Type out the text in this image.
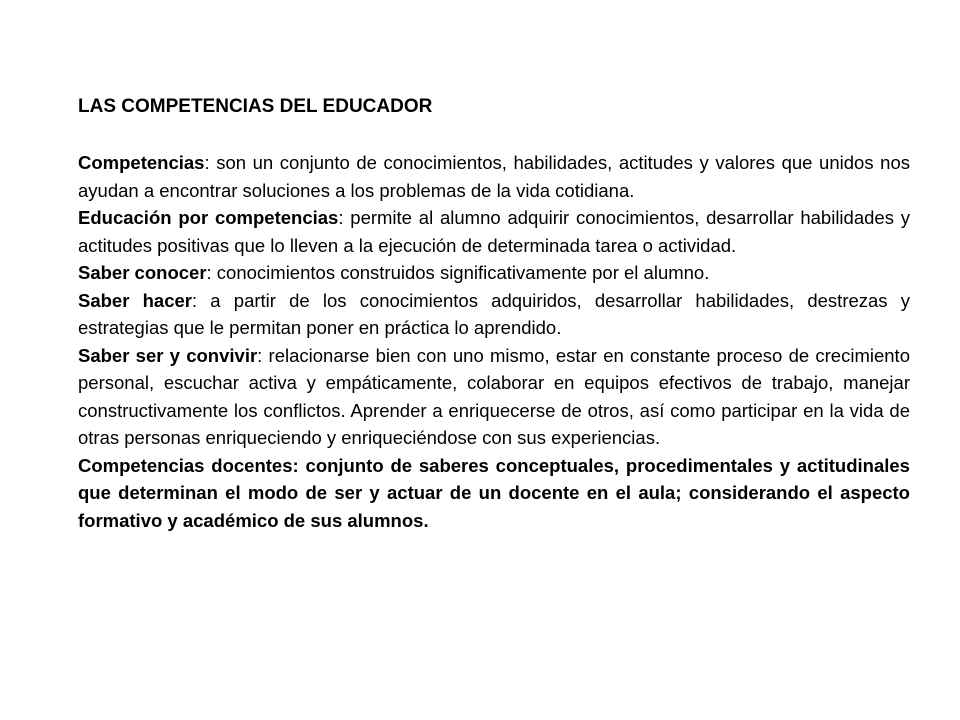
LAS COMPETENCIAS DEL EDUCADOR

Competencias: son un conjunto de conocimientos, habilidades, actitudes y valores que unidos nos ayudan a encontrar soluciones a los problemas de la vida cotidiana.

Educación por competencias: permite al alumno adquirir conocimientos, desarrollar habilidades y actitudes positivas que lo lleven a la ejecución de determinada tarea o actividad.

Saber conocer: conocimientos construidos significativamente por el alumno.

Saber hacer: a partir de los conocimientos adquiridos, desarrollar habilidades, destrezas y estrategias que le permitan poner en práctica lo aprendido.

Saber ser y convivir: relacionarse bien con uno mismo, estar en constante proceso de crecimiento personal, escuchar activa y empáticamente, colaborar en equipos efectivos de trabajo, manejar constructivamente los conflictos. Aprender a enriquecerse de otros, así como participar en la vida de otras personas enriqueciendo y enriqueciéndose con sus experiencias.

Competencias docentes: conjunto de saberes conceptuales, procedimentales y actitudinales que determinan el modo de ser y actuar de un docente en el aula; considerando el aspecto formativo y académico de sus alumnos.
